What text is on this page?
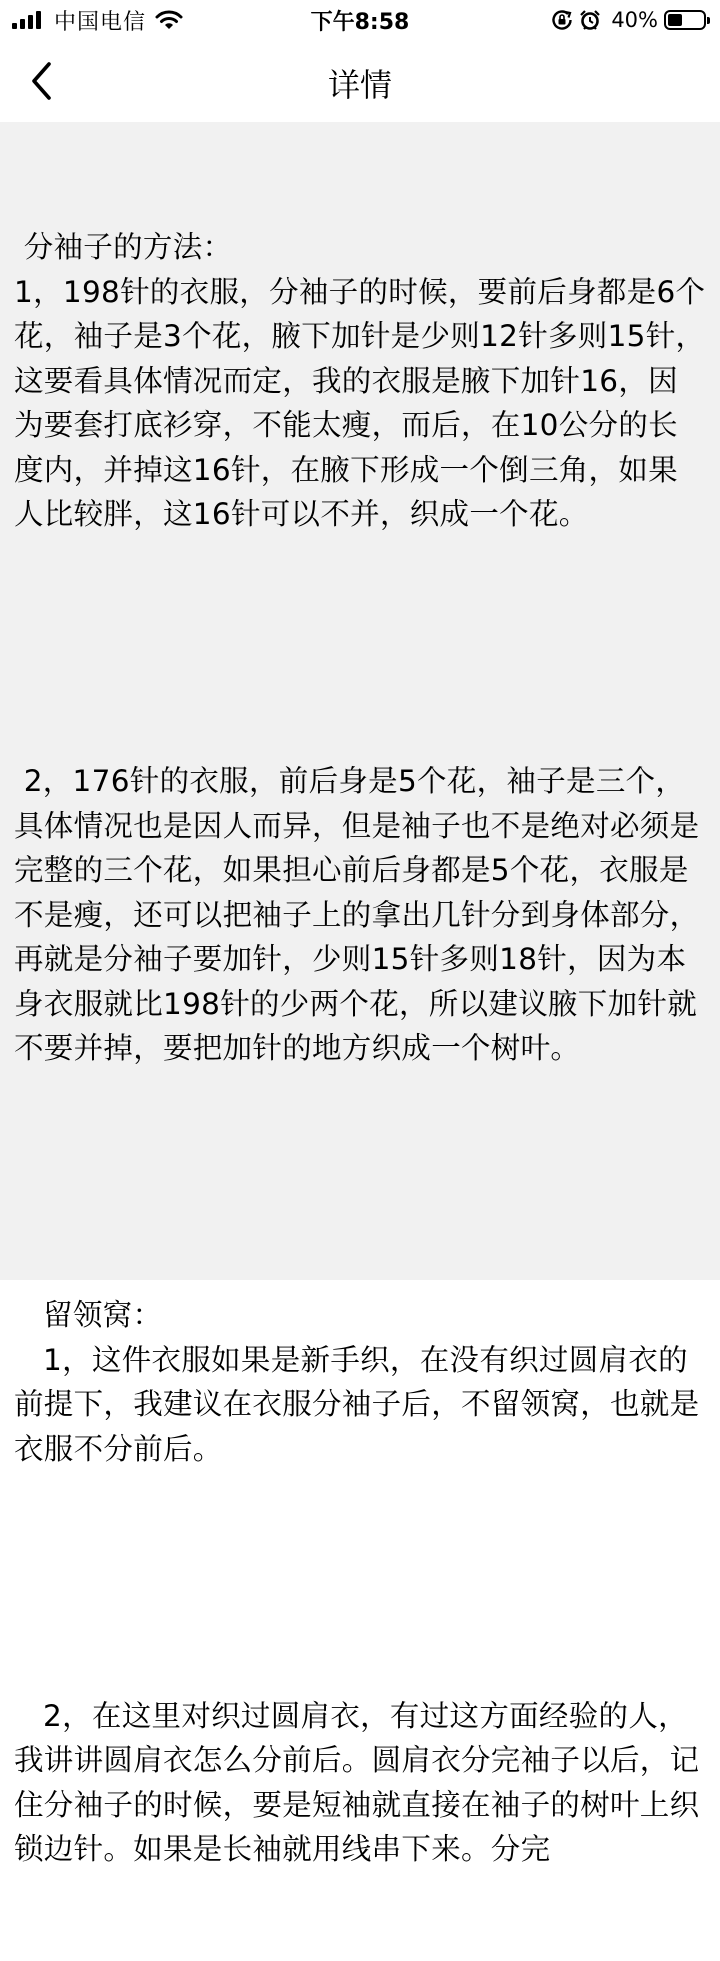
中国电信	下午8:58	40%
详情

分袖子的方法：
1，198针的衣服，分袖子的时候，要前后身都是6个花，袖子是3个花，腋下加针是少则12针多则15针，这要看具体情况而定，我的衣服是腋下加针16，因为要套打底衫穿，不能太瘦，而后，在10公分的长度内，并掉这16针，在腋下形成一个倒三角，如果人比较胖，这16针可以不并，织成一个花。

2，176针的衣服，前后身是5个花，袖子是三个，具体情况也是因人而异，但是袖子也不是绝对必须是完整的三个花，如果担心前后身都是5个花，衣服是不是瘦，还可以把袖子上的拿出几针分到身体部分，再就是分袖子要加针，少则15针多则18针，因为本身衣服就比198针的少两个花，所以建议腋下加针就不要并掉，要把加针的地方织成一个树叶。

留领窝：
1，这件衣服如果是新手织，在没有织过圆肩衣的前提下，我建议在衣服分袖子后，不留领窝，也就是衣服不分前后。

2，在这里对织过圆肩衣，有过这方面经验的人，我讲讲圆肩衣怎么分前后。圆肩衣分完袖子以后，记住分袖子的时候，要是短袖就直接在袖子的树叶上织锁边针。如果是长袖就用线串下来。分完
